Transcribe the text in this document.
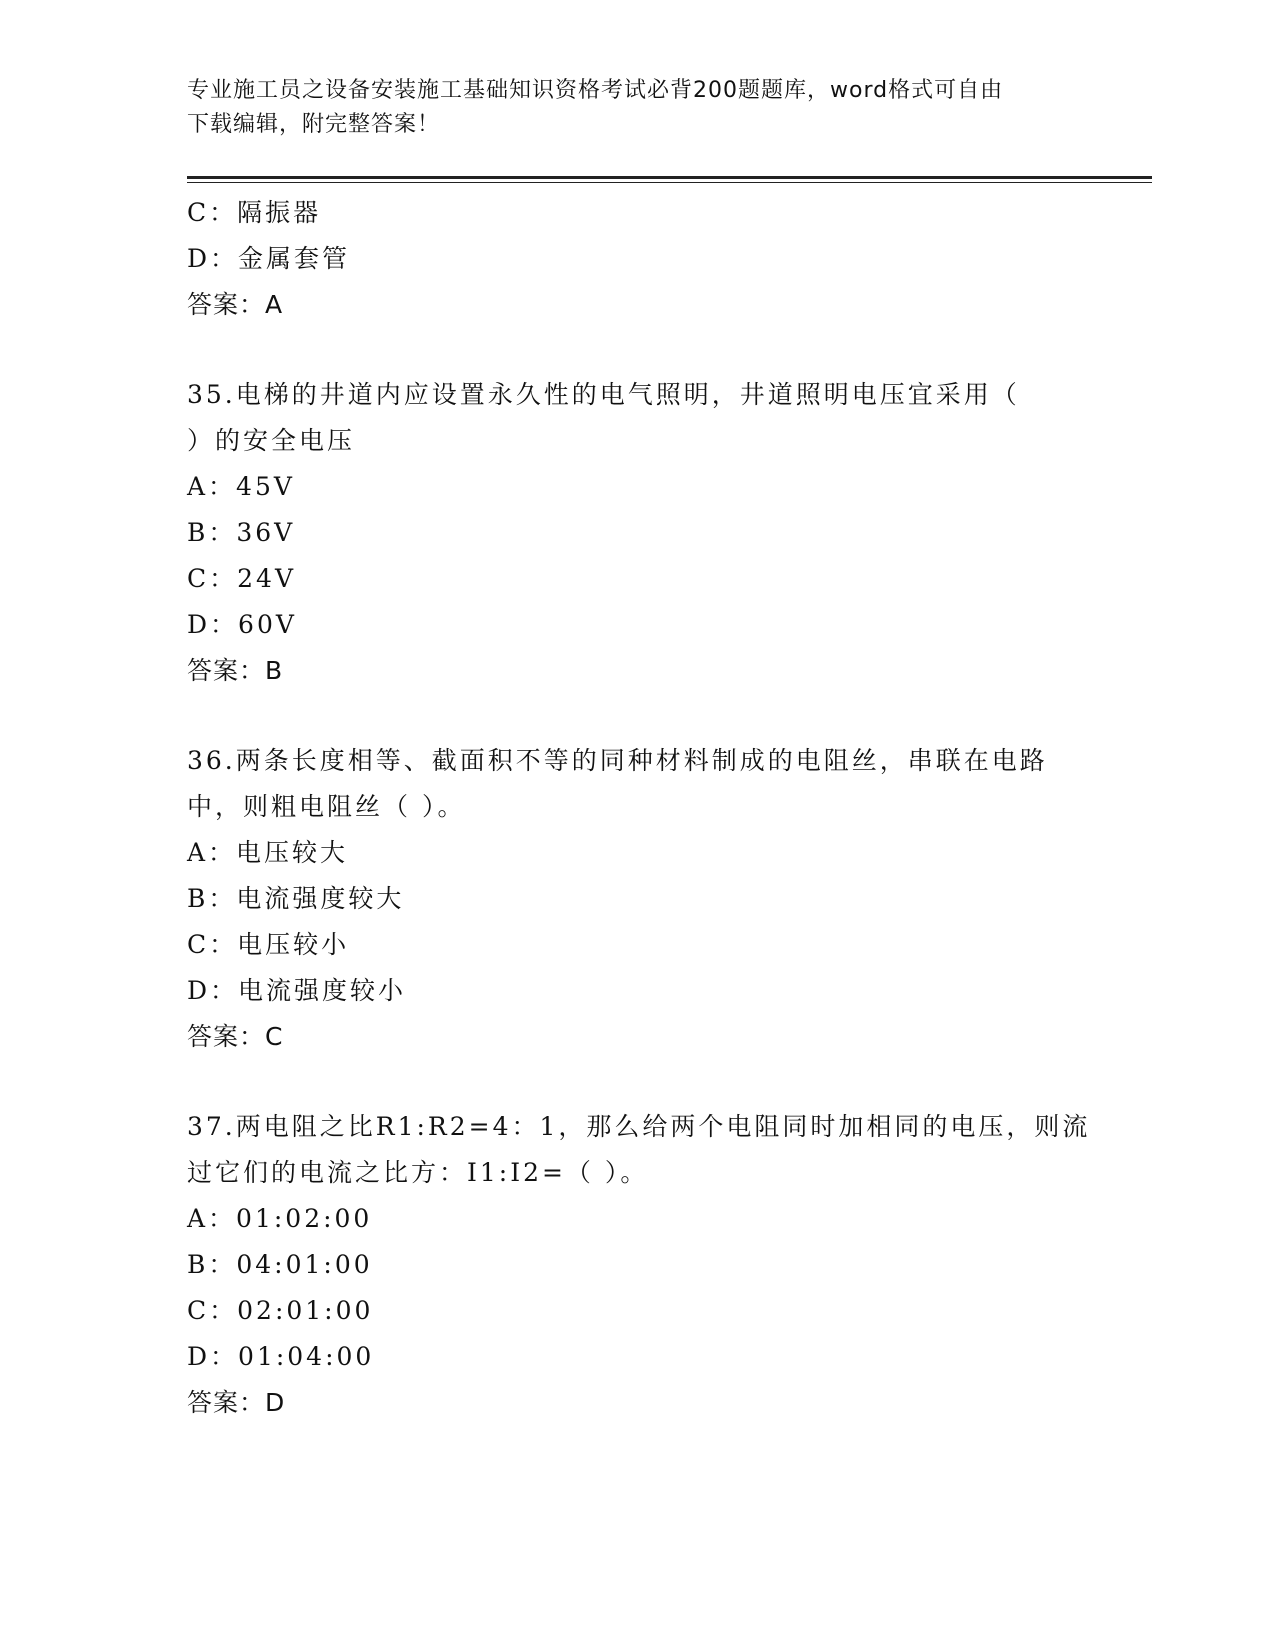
专业施工员之设备安装施工基础知识资格考试必背200题题库，word格式可自由
下载编辑，附完整答案！
C：隔振器
D：金属套管
答案：A
35.电梯的井道内应设置永久性的电气照明，井道照明电压宜采用（
）的安全电压
A：45V
B：36V
C：24V
D：60V
答案：B
36.两条长度相等、截面积不等的同种材料制成的电阻丝，串联在电路
中，则粗电阻丝（ ）。
A：电压较大
B：电流强度较大
C：电压较小
D：电流强度较小
答案：C
37.两电阻之比R1:R2=4：1，那么给两个电阻同时加相同的电压，则流
过它们的电流之比方：I1:I2=（ ）。
A：01:02:00
B：04:01:00
C：02:01:00
D：01:04:00
答案：D
